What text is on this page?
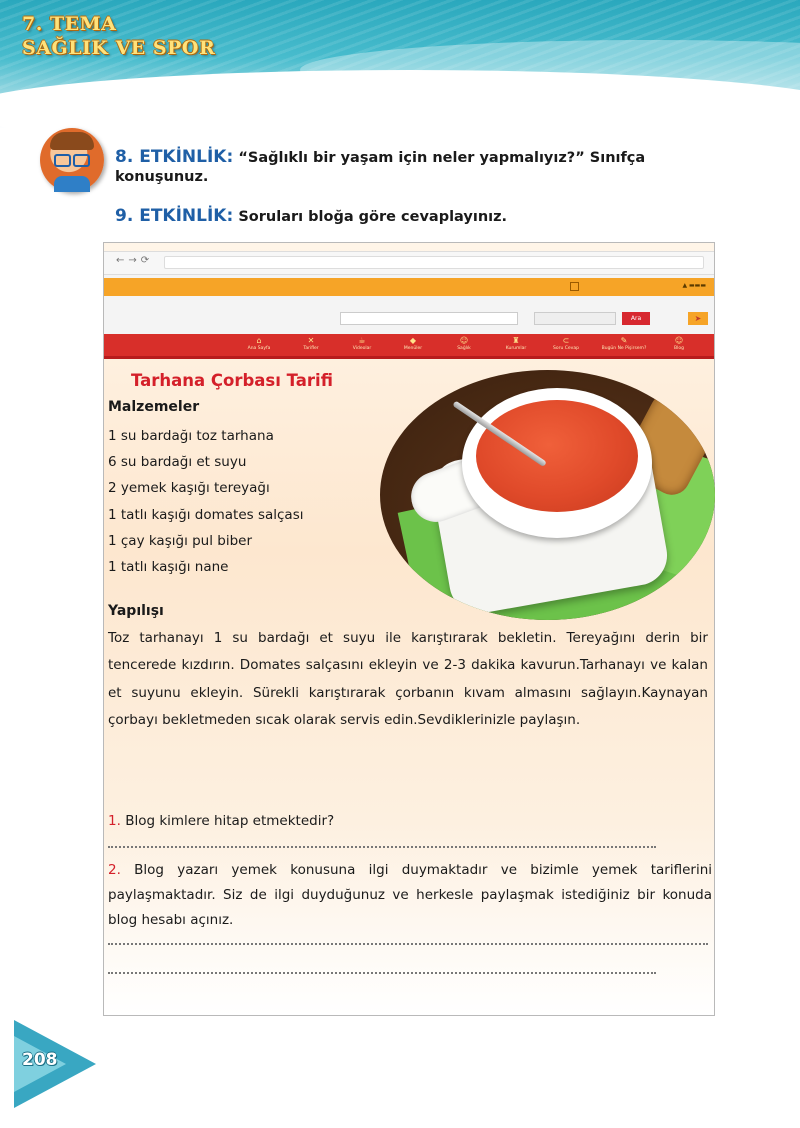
7. TEMA
SAĞLIK VE SPOR
8. ETKİNLİK: “Sağlıklı bir yaşam için neler yapmalıyız?” Sınıfça konuşunuz.
9. ETKİNLİK: Soruları bloğa göre cevaplayınız.
←→⟳
▲ ▬▬▬
Ara	➤
⌂
Ana Sayfa
✕
Tarifler
☕
Videolar
◆
Menüler
☺
Sağlık
♜
Kurumlar
⊂
Soru Cevap
✎
Bugün Ne Pişirsem?
☺
Blog
Tarhana Çorbası Tarifi
Malzemeler
1 su bardağı toz tarhana
6 su bardağı et suyu
2 yemek kaşığı tereyağı
1 tatlı kaşığı domates salçası
1 çay kaşığı pul biber
1 tatlı kaşığı nane
Yapılışı
Toz tarhanayı 1 su bardağı et suyu ile karıştırarak bekletin. Tereyağını derin bir tencerede kızdırın. Domates salçasını ekleyin ve 2-3 dakika kavurun.Tarhanayı ve kalan et suyunu ekleyin. Sürekli karıştırarak çorbanın kıvam almasını sağlayın.Kaynayan çorbayı bekletmeden sıcak olarak servis edin.Sevdiklerinizle paylaşın.
1. Blog kimlere hitap etmektedir?
2. Blog yazarı yemek konusuna ilgi duymaktadır ve bizimle yemek tariflerini paylaşmaktadır. Siz de ilgi duyduğunuz ve herkesle paylaşmak istediğiniz bir konuda blog hesabı açınız.
208
